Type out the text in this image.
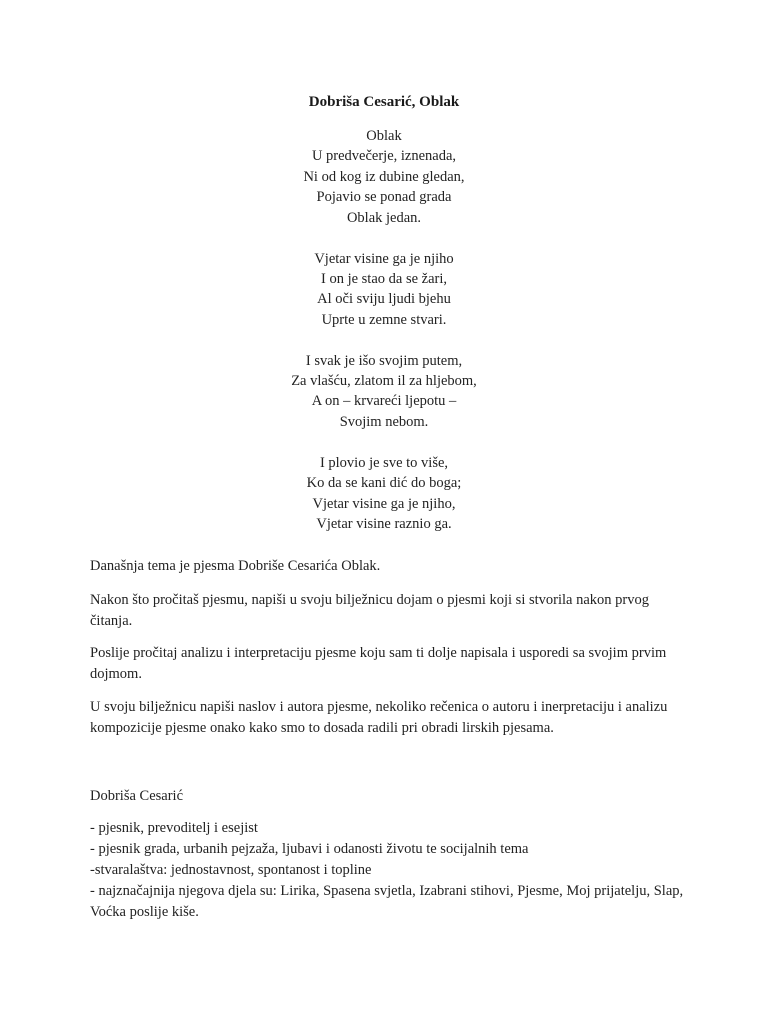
Dobriša Cesarić, Oblak
Oblak
U predvečerje, iznenada,
Ni od kog iz dubine gledan,
Pojavio se ponad grada
Oblak jedan.
Vjetar visine ga je njiho
I on je stao da se žari,
Al oči sviju ljudi bjehu
Uprte u zemne stvari.
I svak je išo svojim putem,
Za vlašću, zlatom il za hljebom,
A on – krvareći ljepotu –
Svojim nebom.
I plovio je sve to više,
Ko da se kani dić do boga;
Vjetar visine ga je njiho,
Vjetar visine raznio ga.

Današnja tema je pjesma Dobriše Cesarića Oblak.

Nakon što pročitaš pjesmu, napiši u svoju bilježnicu dojam o pjesmi koji si stvorila nakon prvog čitanja.

Poslije pročitaj analizu i interpretaciju pjesme koju sam ti dolje napisala i usporedi sa svojim prvim dojmom.

U svoju bilježnicu napiši naslov i autora pjesme, nekoliko rečenica o autoru i inerpretaciju i analizu kompozicije pjesme onako kako smo to dosada radili pri obradi lirskih pjesama.

Dobriša Cesarić

- pjesnik, prevoditelj i esejist
- pjesnik grada, urbanih pejzaža, ljubavi i odanosti životu te socijalnih tema
-stvaralaštva: jednostavnost, spontanost i topline
- najznačajnija njegova djela su: Lirika, Spasena svjetla, Izabrani stihovi, Pjesme, Moj prijatelju, Slap, Voćka poslije kiše.
